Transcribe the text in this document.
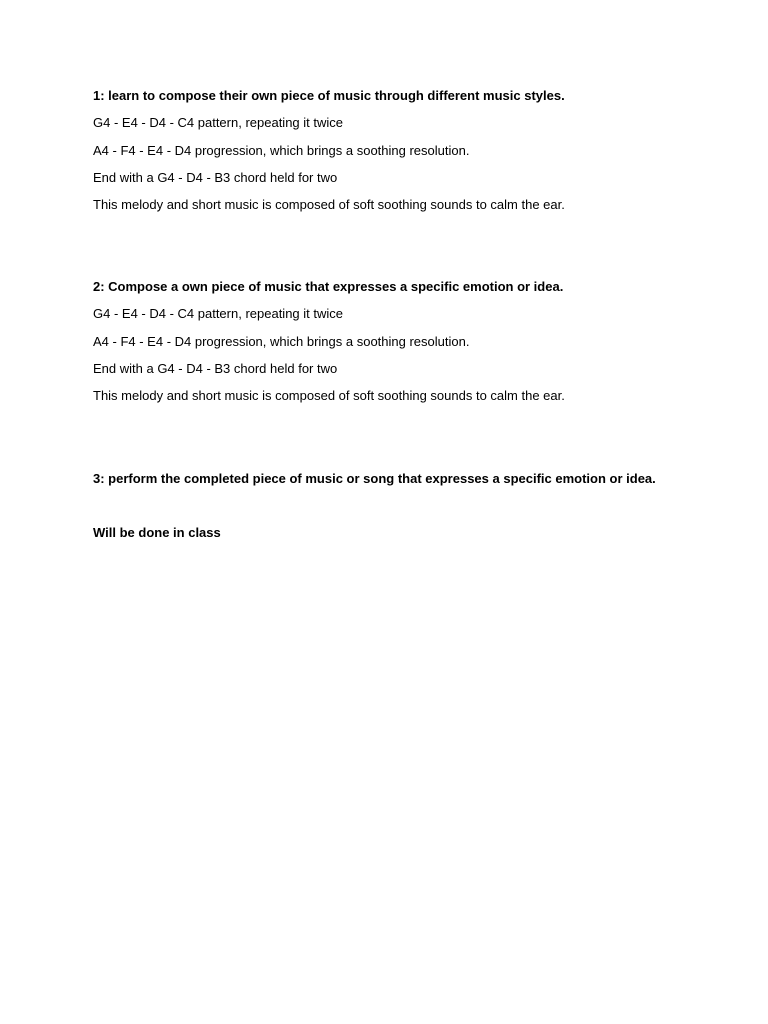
1: learn to compose their own piece of music through different music styles.
G4 - E4 - D4 - C4 pattern, repeating it twice
A4 - F4 - E4 - D4 progression, which brings a soothing resolution.
End with a G4 - D4 - B3 chord held for two
This melody and short music is composed of soft soothing sounds to calm the ear.
2: Compose a own piece of music that expresses a specific emotion or idea.
G4 - E4 - D4 - C4 pattern, repeating it twice
A4 - F4 - E4 - D4 progression, which brings a soothing resolution.
End with a G4 - D4 - B3 chord held for two
This melody and short music is composed of soft soothing sounds to calm the ear.
3: perform the completed piece of music or song that expresses a specific emotion or idea.
Will be done in class
